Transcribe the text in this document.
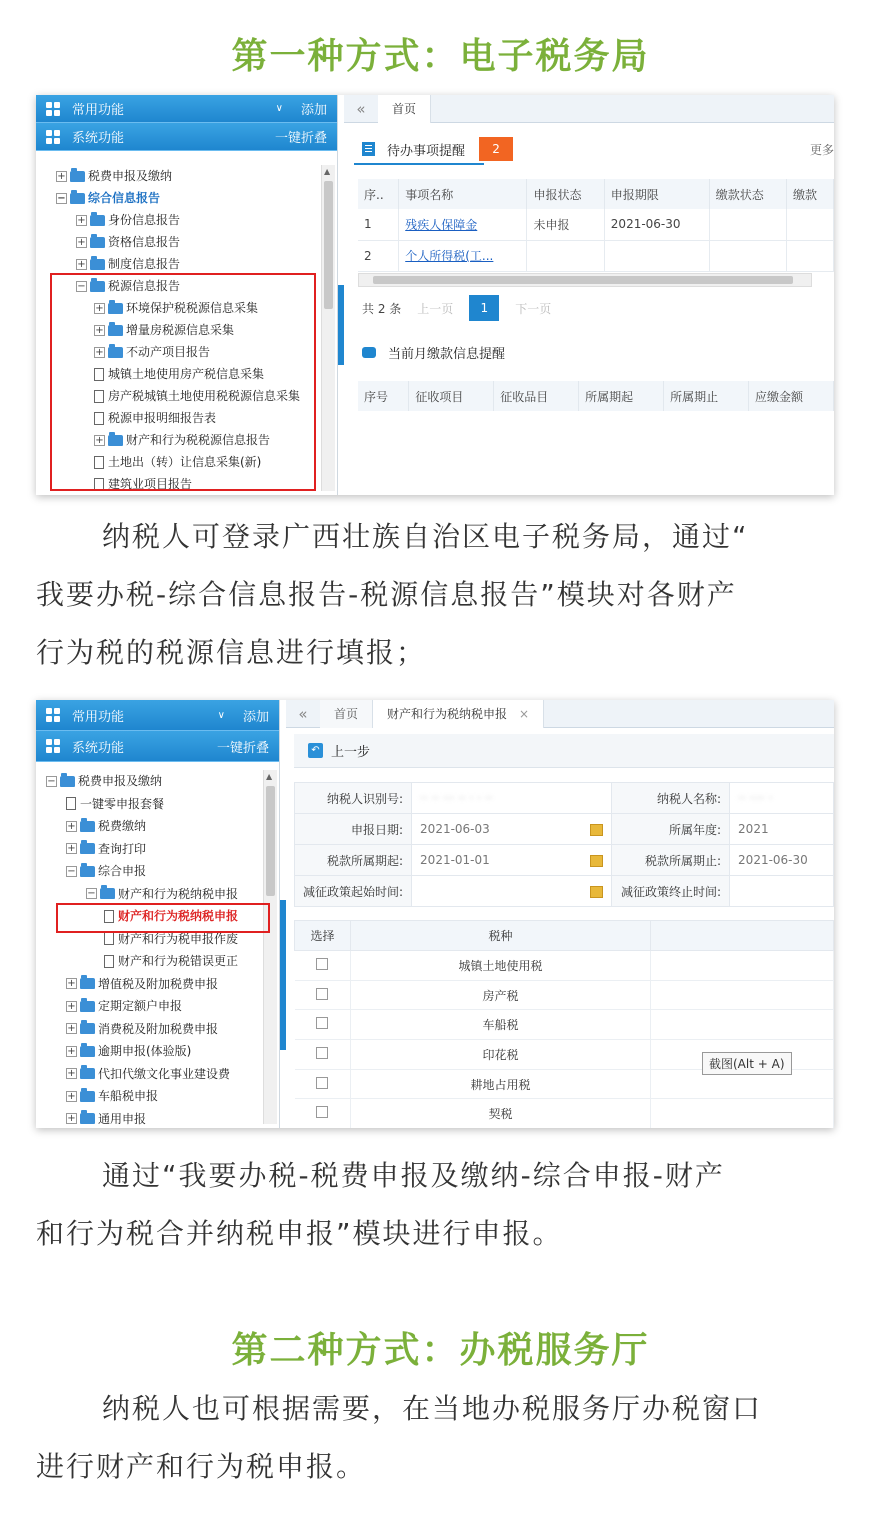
第一种方式：电子税务局
常用功能	∨ 添加
系统功能	一键折叠
+ 税费申报及缴纳
− 综合信息报告
+ 身份信息报告
+ 资格信息报告
+ 制度信息报告
− 税源信息报告
+ 环境保护税税源信息采集
+ 增量房税源信息采集
+ 不动产项目报告
城镇土地使用房产税信息采集
房产税城镇土地使用税税源信息采集
税源申报明细报告表
+ 财产和行为税税源信息报告
土地出（转）让信息采集(新)
建筑业项目报告
▲
«	首页
待办事项提醒	2	更多
序..	事项名称	申报状态	申报期限	缴款状态	缴款
1	残疾人保障金	未申报	2021-06-30		
2	个人所得税(工...				
共 2 条 上一页	1	下一页
当前月缴款信息提醒
序号	征收项目	征收品目	所属期起	所属期止	应缴金额
纳税人可登录广西壮族自治区电子税务局，通过“
我要办税-综合信息报告-税源信息报告”模块对各财产
行为税的税源信息进行填报；
常用功能	∨ 添加
系统功能	一键折叠
− 税费申报及缴纳
一键零申报套餐
+ 税费缴纳
+ 查询打印
− 综合申报
− 财产和行为税纳税申报
财产和行为税纳税申报
财产和行为税申报作废
财产和行为税错误更正
+ 增值税及附加税费申报
+ 定期定额户申报
+ 消费税及附加税费申报
+ 逾期申报(体验版)
+ 代扣代缴文化事业建设费
+ 车船税申报
+ 通用申报
▲
«	首页	财产和行为税纳税申报 ×
↶ 上一步
纳税人识别号:	·· ·· ··· ·· · · ··	纳税人名称:	·· ···· ·
申报日期:	2021-06-03	所属年度:	2021
税款所属期起:	2021-01-01	税款所属期止:	2021-06-30
减征政策起始时间:		减征政策终止时间:	
选择	税种	
	城镇土地使用税	
	房产税	
	车船税	
	印花税	
	耕地占用税	
	契税	
截图(Alt + A)
通过“我要办税-税费申报及缴纳-综合申报-财产
和行为税合并纳税申报”模块进行申报。
第二种方式：办税服务厅
纳税人也可根据需要，在当地办税服务厅办税窗口
进行财产和行为税申报。
